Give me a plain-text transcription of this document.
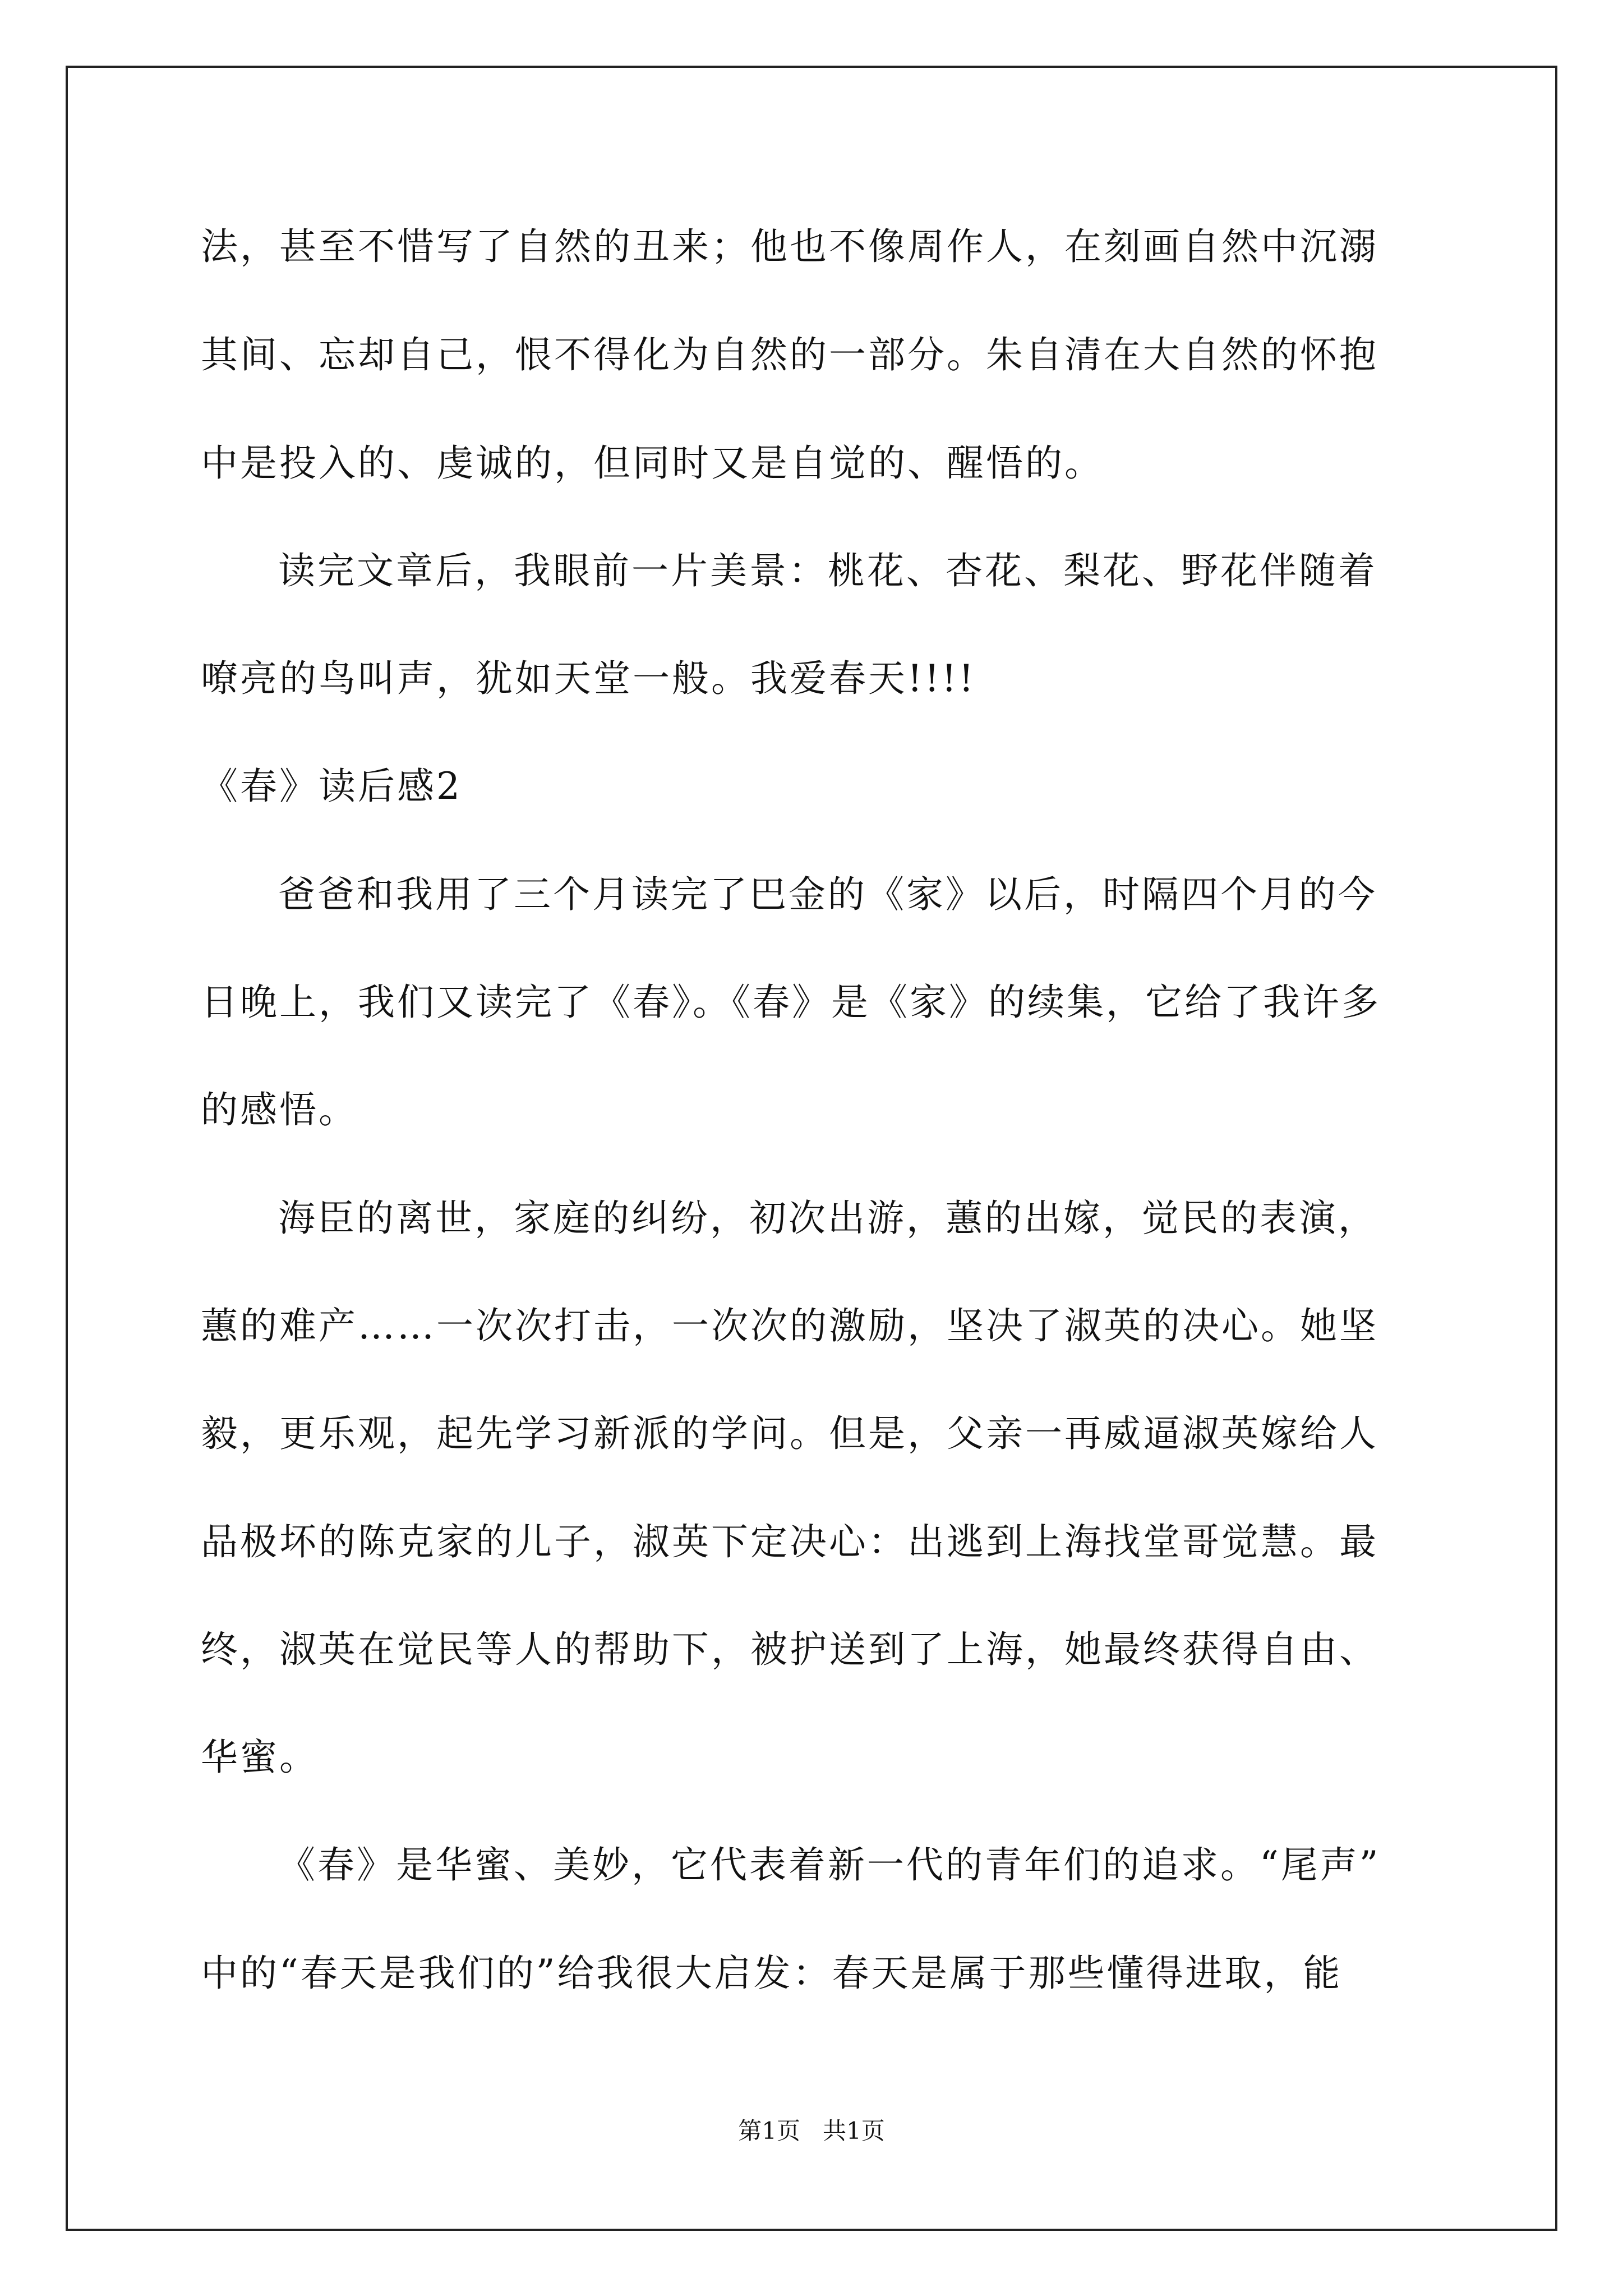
法，甚至不惜写了自然的丑来；他也不像周作人，在刻画自然中沉溺

其间、忘却自己，恨不得化为自然的一部分。朱自清在大自然的怀抱

中是投入的、虔诚的，但同时又是自觉的、醒悟的。

读完文章后，我眼前一片美景：桃花、杏花、梨花、野花伴随着

嘹亮的鸟叫声，犹如天堂一般。我爱春天!!!!

《春》读后感2

爸爸和我用了三个月读完了巴金的《家》以后，时隔四个月的今

日晚上，我们又读完了《春》。《春》是《家》的续集，它给了我许多

的感悟。

海臣的离世，家庭的纠纷，初次出游，蕙的出嫁，觉民的表演，

蕙的难产……一次次打击，一次次的激励，坚决了淑英的决心。她坚

毅，更乐观，起先学习新派的学问。但是，父亲一再威逼淑英嫁给人

品极坏的陈克家的儿子，淑英下定决心：出逃到上海找堂哥觉慧。最

终，淑英在觉民等人的帮助下，被护送到了上海，她最终获得自由、

华蜜。

《春》是华蜜、美妙，它代表着新一代的青年们的追求。“尾声”

中的“春天是我们的”给我很大启发：春天是属于那些懂得进取，能

第1页   共1页
